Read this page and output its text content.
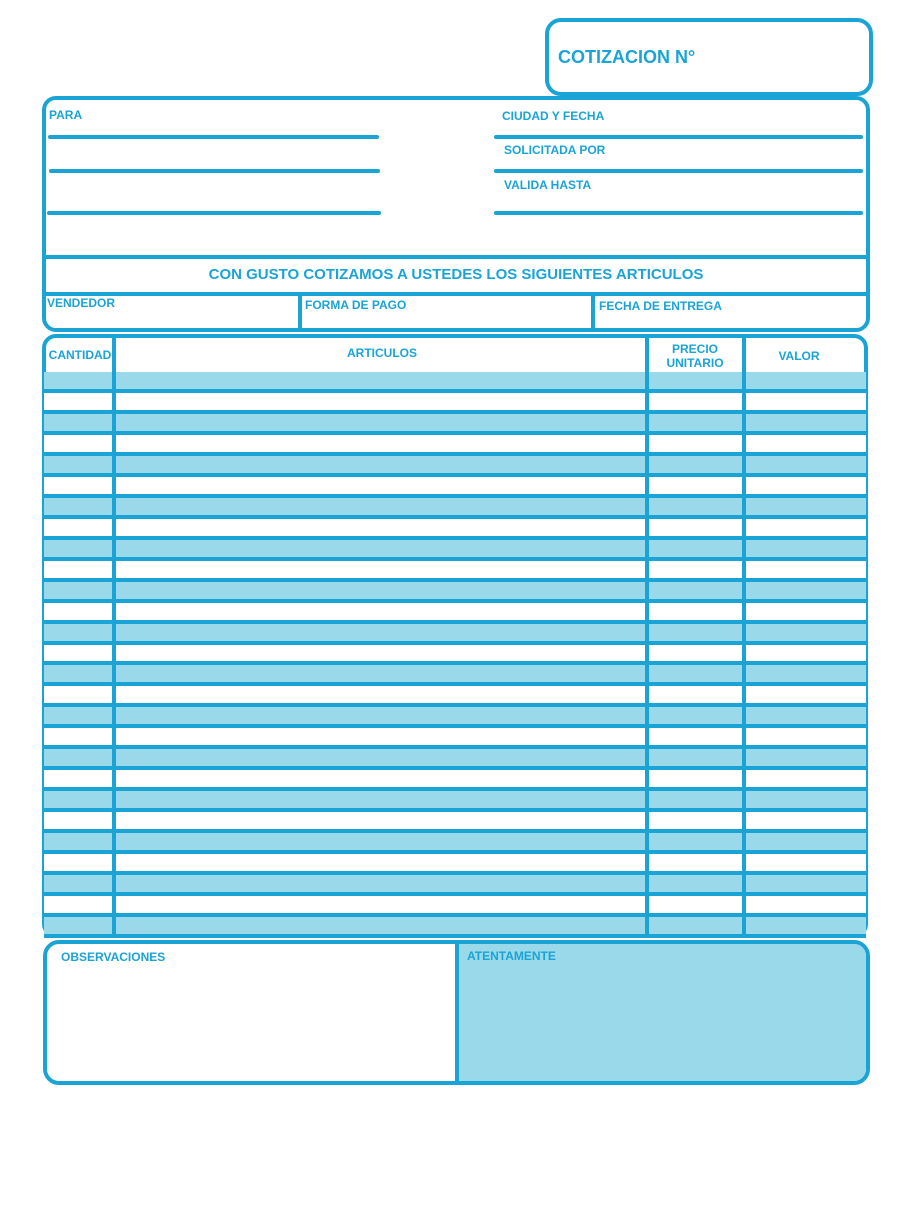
COTIZACION N°
PARA	CIUDAD Y FECHA
SOLICITADA POR
VALIDA HASTA
CON GUSTO COTIZAMOS A USTEDES LOS SIGUIENTES ARTICULOS
VENDEDOR	FORMA DE PAGO	FECHA DE ENTREGA
CANTIDAD	ARTICULOS	PRECIO UNITARIO	VALOR
OBSERVACIONES	ATENTAMENTE
